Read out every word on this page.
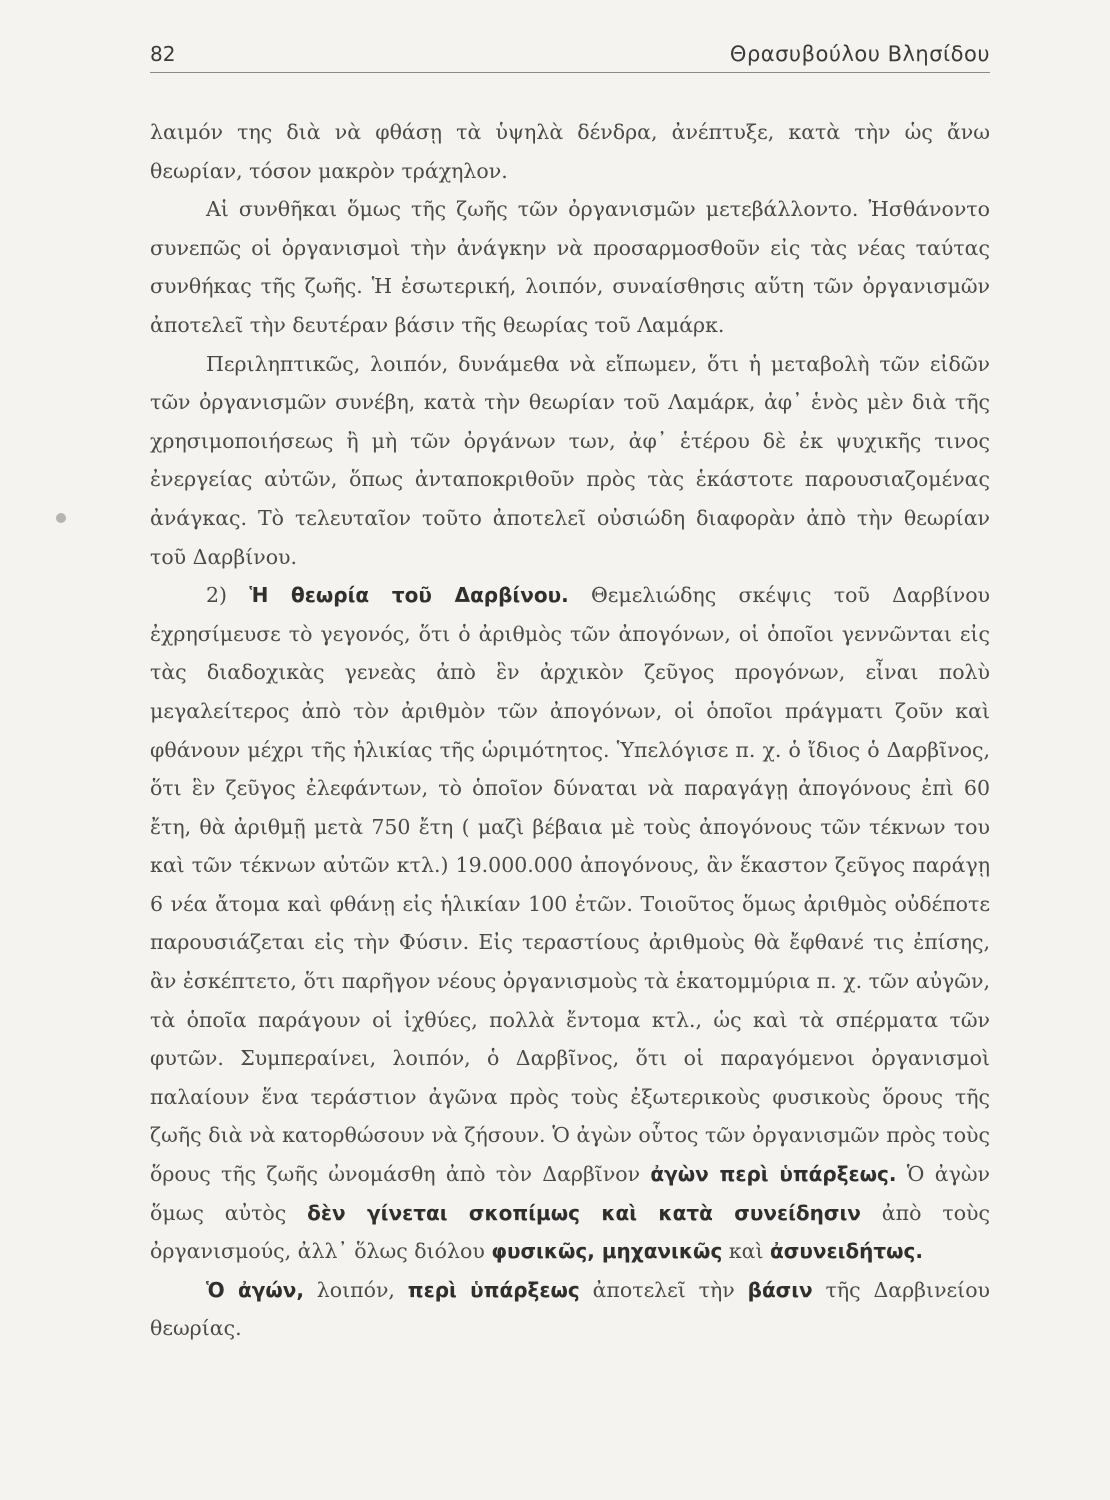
82	Θρασυβούλου Βλησίδου

λαιμόν της διὰ νὰ φθάσῃ τὰ ὑψηλὰ δένδρα, ἀνέπτυξε, κατὰ τὴν ὡς ἄνω θεωρίαν, τόσον μακρὸν τράχηλον.

Αἱ συνθῆκαι ὅμως τῆς ζωῆς τῶν ὀργανισμῶν μετεβάλλοντο. Ἠσθάνοντο συνεπῶς οἱ ὀργανισμοὶ τὴν ἀνάγκην νὰ προσαρμοσθοῦν εἰς τὰς νέας ταύτας συνθήκας τῆς ζωῆς. Ἡ ἐσωτερική, λοιπόν, συναίσθησις αὕτη τῶν ὀργανισμῶν ἀποτελεῖ τὴν δευτέραν βάσιν τῆς θεωρίας τοῦ Λαμάρκ.

Περιληπτικῶς, λοιπόν, δυνάμεθα νὰ εἴπωμεν, ὅτι ἡ μεταβολὴ τῶν εἰδῶν τῶν ὀργανισμῶν συνέβη, κατὰ τὴν θεωρίαν τοῦ Λαμάρκ, ἀφ᾽ ἑνὸς μὲν διὰ τῆς χρησιμοποιήσεως ἢ μὴ τῶν ὀργάνων των, ἀφ᾽ ἑτέρου δὲ ἐκ ψυχικῆς τινος ἐνεργείας αὐτῶν, ὅπως ἀνταποκριθοῦν πρὸς τὰς ἑκάστοτε παρουσιαζομένας ἀνάγκας. Τὸ τελευταῖον τοῦτο ἀποτελεῖ οὐσιώδη διαφορὰν ἀπὸ τὴν θεωρίαν τοῦ Δαρβίνου.

2) Ἡ θεωρία τοῦ Δαρβίνου. Θεμελιώδης σκέψις τοῦ Δαρβίνου ἐχρησίμευσε τὸ γεγονός, ὅτι ὁ ἀριθμὸς τῶν ἀπογόνων, οἱ ὁποῖοι γεννῶνται εἰς τὰς διαδοχικὰς γενεὰς ἀπὸ ἓν ἀρχικὸν ζεῦγος προγόνων, εἶναι πολὺ μεγαλείτερος ἀπὸ τὸν ἀριθμὸν τῶν ἀπογόνων, οἱ ὁποῖοι πράγματι ζοῦν καὶ φθάνουν μέχρι τῆς ἡλικίας τῆς ὡριμότητος. Ὑπελόγισε π. χ. ὁ ἴδιος ὁ Δαρβῖνος, ὅτι ἓν ζεῦγος ἐλεφάντων, τὸ ὁποῖον δύναται νὰ παραγάγῃ ἀπογόνους ἐπὶ 60 ἔτη, θὰ ἀριθμῇ μετὰ 750 ἔτη ( μαζὶ βέβαια μὲ τοὺς ἀπογόνους τῶν τέκνων του καὶ τῶν τέκνων αὐτῶν κτλ.) 19.000.000 ἀπογόνους, ἂν ἕκαστον ζεῦγος παράγῃ 6 νέα ἄτομα καὶ φθάνῃ εἰς ἡλικίαν 100 ἐτῶν. Τοιοῦτος ὅμως ἀριθμὸς οὐδέποτε παρουσιάζεται εἰς τὴν Φύσιν. Εἰς τεραστίους ἀριθμοὺς θὰ ἔφθανέ τις ἐπίσης, ἂν ἐσκέπτετο, ὅτι παρῆγον νέους ὀργανισμοὺς τὰ ἑκατομμύρια π. χ. τῶν αὐγῶν, τὰ ὁποῖα παράγουν οἱ ἰχθύες, πολλὰ ἔντομα κτλ., ὡς καὶ τὰ σπέρματα τῶν φυτῶν. Συμπεραίνει, λοιπόν, ὁ Δαρβῖνος, ὅτι οἱ παραγόμενοι ὀργανισμοὶ παλαίουν ἕνα τεράστιον ἀγῶνα πρὸς τοὺς ἐξωτερικοὺς φυσικοὺς ὅρους τῆς ζωῆς διὰ νὰ κατορθώσουν νὰ ζήσουν. Ὁ ἀγὼν οὗτος τῶν ὀργανισμῶν πρὸς τοὺς ὅρους τῆς ζωῆς ὠνομάσθη ἀπὸ τὸν Δαρβῖνον ἀγὼν περὶ ὑπάρξεως. Ὁ ἀγὼν ὅμως αὐτὸς δὲν γίνεται σκοπίμως καὶ κατὰ συνείδησιν ἀπὸ τοὺς ὀργανισμούς, ἀλλ᾽ ὅλως διόλου φυσικῶς, μηχανικῶς καὶ ἀσυνειδήτως.

Ὁ ἀγών, λοιπόν, περὶ ὑπάρξεως ἀποτελεῖ τὴν βάσιν τῆς Δαρβινείου θεωρίας.
